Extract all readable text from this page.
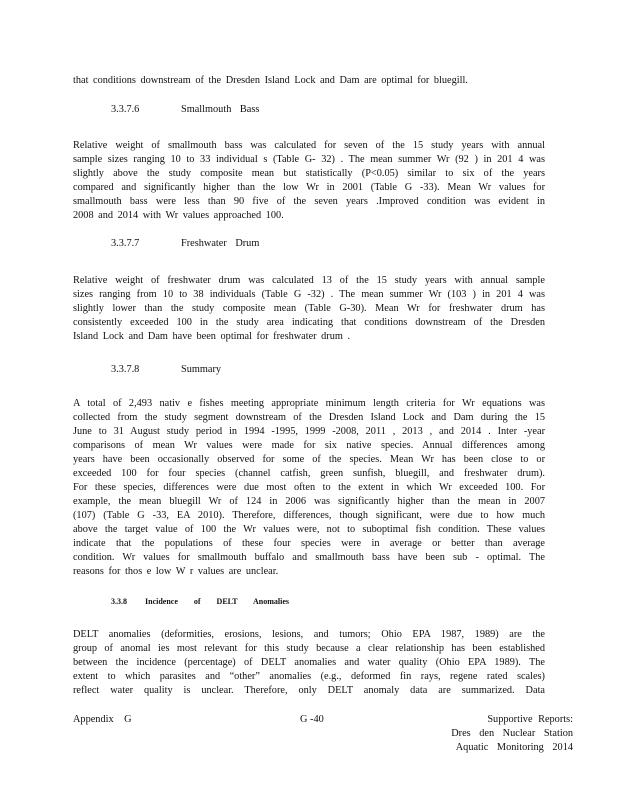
that conditions downstream of the Dresden Island Lock and Dam are optimal for bluegill.
3.3.7.6	Smallmouth Bass
Relative weight of smallmouth bass was calculated for seven of the 15 study years with annual
sample sizes ranging 10 to 33 individual s (Table G- 32) . The mean summer Wr (92 ) in 201 4 was
slightly above the study composite mean but statistically (P<0.05) similar to six of the years
compared and significantly higher than the low Wr in 2001 (Table G -33). Mean Wr values for
smallmouth bass were less than 90 five of the seven years .Improved condition was evident in
2008 and 2014 with Wr values approached 100.
3.3.7.7	Freshwater Drum
Relative weight of freshwater drum was calculated 13 of the 15 study years with annual sample
sizes ranging from 10 to 38 individuals (Table G -32) . The mean summer Wr (103 ) in 201 4 was
slightly lower than the study composite mean (Table G-30). Mean Wr for freshwater drum has
consistently exceeded 100 in the study area indicating that conditions downstream of the Dresden
Island Lock and Dam have been optimal for freshwater drum .
3.3.7.8	Summary
A total of 2,493 nativ e fishes meeting appropriate minimum length criteria for Wr equations was
collected from the study segment downstream of the Dresden Island Lock and Dam during the 15
June to 31 August study period in 1994 -1995, 1999 -2008, 2011 , 2013 , and 2014 . Inter -year
comparisons of mean Wr values were made for six native species. Annual differences among
years have been occasionally observed for some of the species. Mean Wr has been close to or
exceeded 100 for four species (channel catfish, green sunfish, bluegill, and freshwater drum).
For these species, differences were due most often to the extent in which Wr exceeded 100. For
example, the mean bluegill Wr of 124 in 2006 was significantly higher than the mean in 2007
(107) (Table G -33, EA 2010). Therefore, differences, though significant, were due to how much
above the target value of 100 the Wr values were, not to suboptimal fish condition. These values
indicate that the populations of these four species were in average or better than average
condition. Wr values for smallmouth buffalo and smallmouth bass have been sub - optimal. The
reasons for thos e low W r values are unclear.
3.3.8 Incidence of DELT Anomalies
DELT anomalies (deformities, erosions, lesions, and tumors; Ohio EPA 1987, 1989) are the
group of anomal ies most relevant for this study because a clear relationship has been established
between the incidence (percentage) of DELT anomalies and water quality (Ohio EPA 1989). The
extent to which parasites and “other” anomalies (e.g., deformed fin rays, regene rated scales)
reflect water quality is unclear. Therefore, only DELT anomaly data are summarized. Data
Appendix G	G -40	Supportive Reports:
Dres den Nuclear Station
Aquatic Monitoring 2014
